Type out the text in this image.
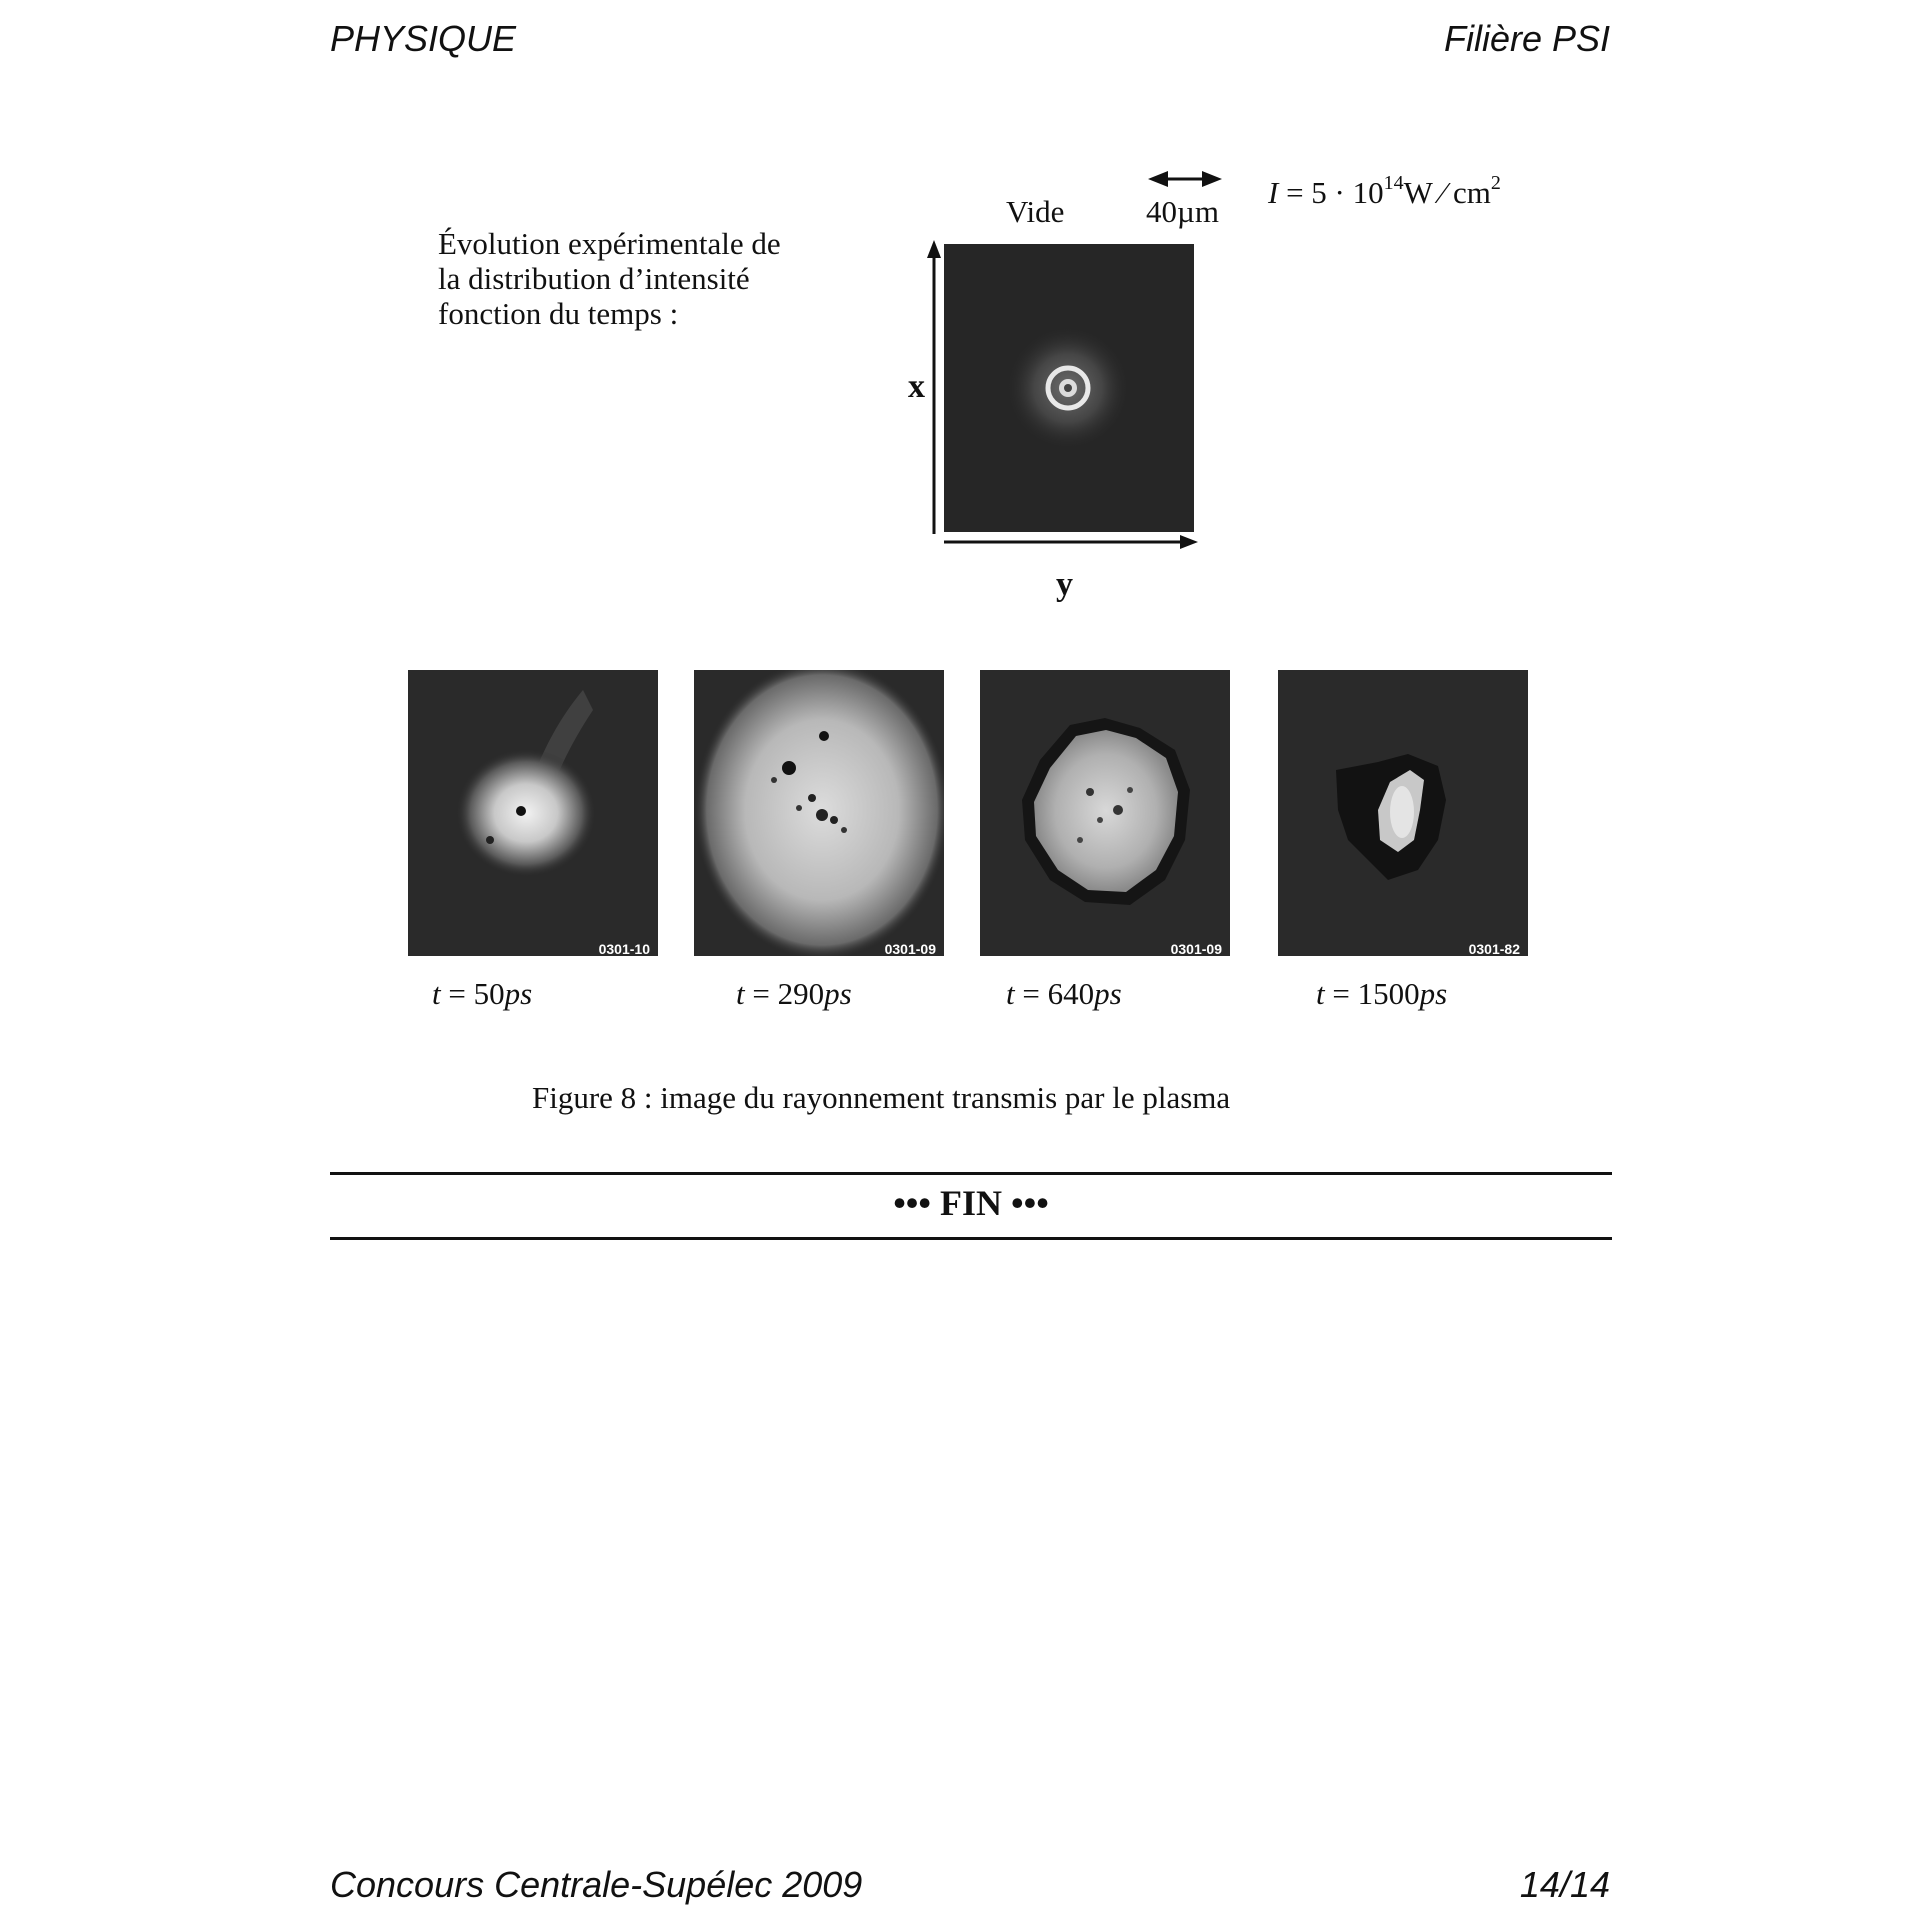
PHYSIQUE	Filière PSI
Évolution expérimentale de
la distribution d’intensité
fonction du temps :
Vide	40µm
$I = 5 \cdot 10^{14}W$ ⁄ $cm^2$
x
y
0301-10	0301-09	0301-09	0301-82
t = 50ps	t = 290ps	t = 640ps	t = 1500ps
Figure 8 : image du rayonnement transmis par le plasma
••• FIN •••
Concours Centrale-Supélec 2009	14/14
